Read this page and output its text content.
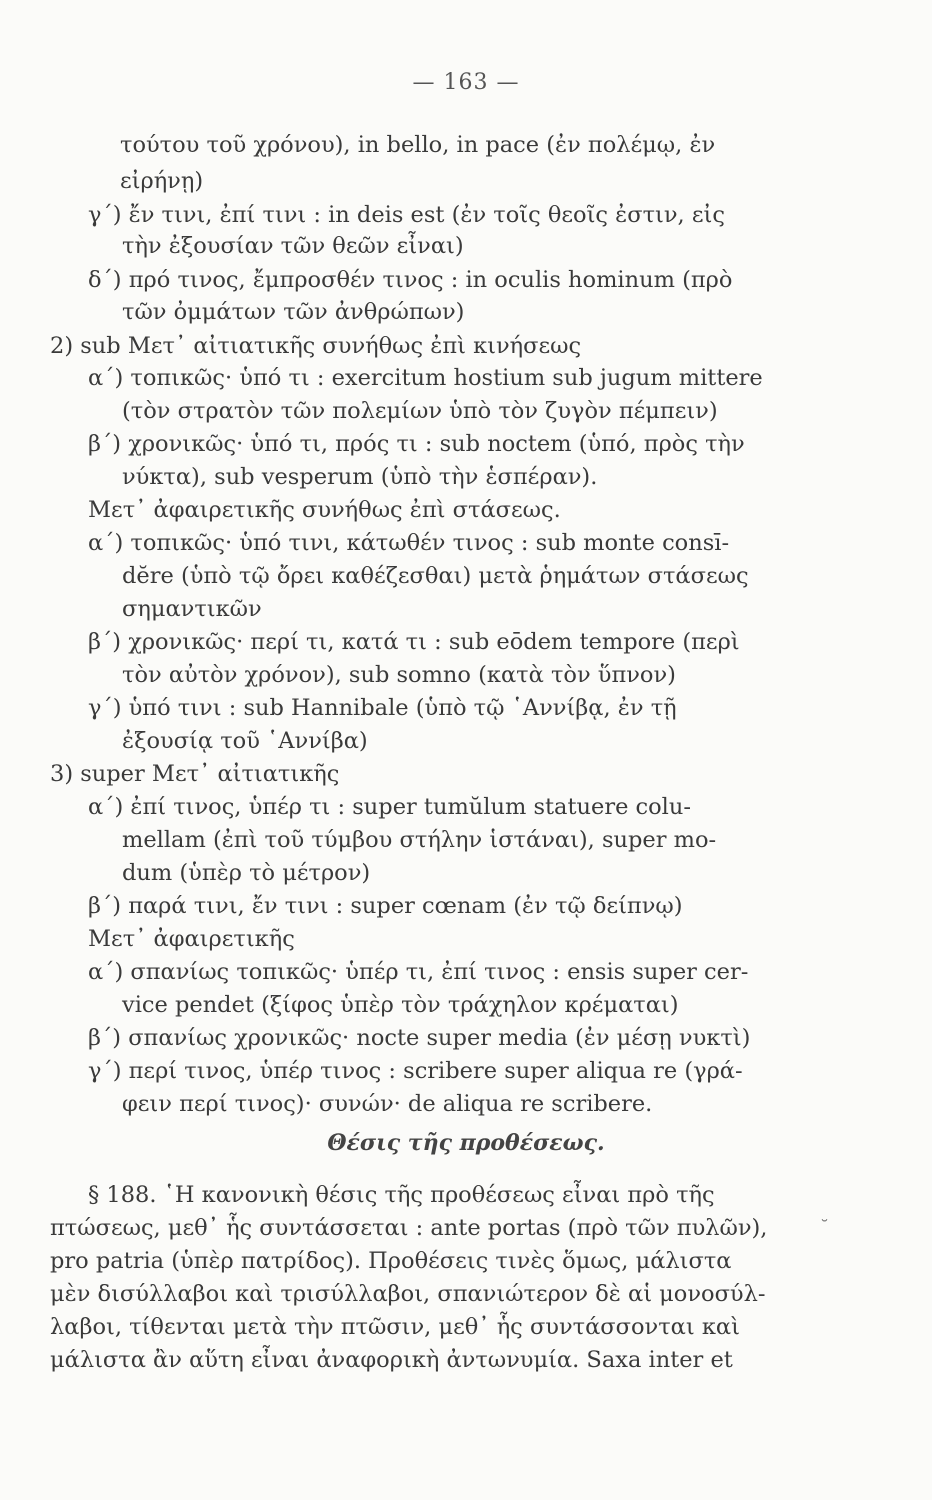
— 163 —
τούτου τοῦ χρόνου), in bello, in pace (ἐν πολέμῳ, ἐν
εἰρήνῃ)
γ΄) ἔν τινι, ἐπί τινι : in deis est (ἐν τοῖς θεοῖς ἐστιν, εἰς
τὴν ἐξουσίαν τῶν θεῶν εἶναι)
δ΄) πρό τινος, ἔμπροσθέν τινος : in oculis hominum (πρὸ
τῶν ὀμμάτων τῶν ἀνθρώπων)
2) sub Μετ᾽ αἰτιατικῆς συνήθως ἐπὶ κινήσεως
α΄) τοπικῶς· ὑπό τι : exercitum hostium sub jugum mittere
(τὸν στρατὸν τῶν πολεμίων ὑπὸ τὸν ζυγὸν πέμπειν)
β΄) χρονικῶς· ὑπό τι, πρός τι : sub noctem (ὑπό, πρὸς τὴν
νύκτα), sub vesperum (ὑπὸ τὴν ἑσπέραν).
Μετ᾽ ἀφαιρετικῆς συνήθως ἐπὶ στάσεως.
α΄) τοπικῶς· ὑπό τινι, κάτωθέν τινος : sub monte consī-
dĕre (ὑπὸ τῷ ὄρει καθέζεσθαι) μετὰ ῥημάτων στάσεως
σημαντικῶν
β΄) χρονικῶς· περί τι, κατά τι : sub eōdem tempore (περὶ
τὸν αὐτὸν χρόνον), sub somno (κατὰ τὸν ὕπνον)
γ΄) ὑπό τινι : sub Hannibale (ὑπὸ τῷ ῾Αννίβᾳ, ἐν τῇ
ἐξουσίᾳ τοῦ ῾Αννίβα)
3) super Μετ᾽ αἰτιατικῆς
α΄) ἐπί τινος, ὑπέρ τι : super tumŭlum statuere colu-
mellam (ἐπὶ τοῦ τύμβου στήλην ἱστάναι), super mo-
dum (ὑπὲρ τὸ μέτρον)
β΄) παρά τινι, ἔν τινι : super cœnam (ἐν τῷ δείπνῳ)
Μετ᾽ ἀφαιρετικῆς
α΄) σπανίως τοπικῶς· ὑπέρ τι, ἐπί τινος : ensis super cer-
vice pendet (ξίφος ὑπὲρ τὸν τράχηλον κρέμαται)
β΄) σπανίως χρονικῶς· nocte super media (ἐν μέσῃ νυκτὶ)
γ΄) περί τινος, ὑπέρ τινος : scribere super aliqua re (γρά-
φειν περί τινος)· συνών· de aliqua re scribere.
Θέσις τῆς προθέσεως.
§ 188. ῾Η κανονικὴ θέσις τῆς προθέσεως εἶναι πρὸ τῆς
πτώσεως, μεθ᾽ ἧς συντάσσεται : ante portas (πρὸ τῶν πυλῶν),
pro patria (ὑπὲρ πατρίδος). Προθέσεις τινὲς ὅμως, μάλιστα
μὲν δισύλλαβοι καὶ τρισύλλαβοι, σπανιώτερον δὲ αἱ μονοσύλ-
λαβοι, τίθενται μετὰ τὴν πτῶσιν, μεθ᾽ ἧς συντάσσονται καὶ
μάλιστα ἂν αὕτη εἶναι ἀναφορικὴ ἀντωνυμία. Saxa inter et
˘
